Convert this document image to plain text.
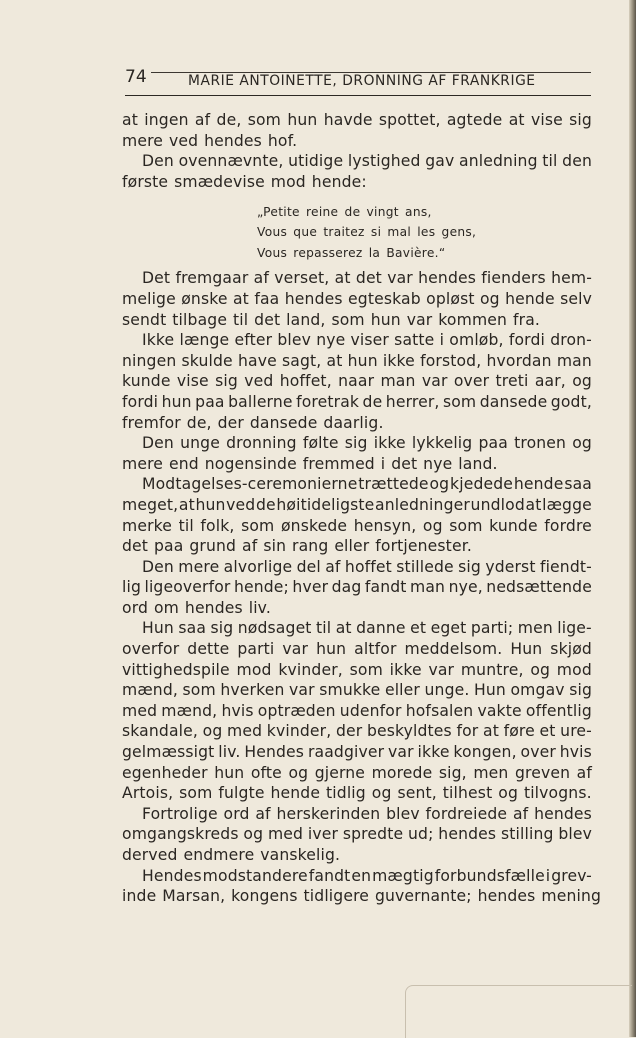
74	MARIE ANTOINETTE, DRONNING AF FRANKRIGE
at ingen af de, som hun havde spottet, agtede at vise sig
mere ved hendes hof.
Den ovennævnte, utidige lystighed gav anledning til den
første smædevise mod hende:
Det fremgaar af verset, at det var hendes fienders hem-
melige ønske at faa hendes egteskab opløst og hende selv
sendt tilbage til det land, som hun var kommen fra.
Ikke længe efter blev nye viser satte i omløb, fordi dron-
ningen skulde have sagt, at hun ikke forstod, hvordan man
kunde vise sig ved hoffet, naar man var over treti aar, og
fordi hun paa ballerne foretrak de herrer, som dansede godt,
fremfor de, der dansede daarlig.
Den unge dronning følte sig ikke lykkelig paa tronen og
mere end nogensinde fremmed i det nye land.
Modtagelses-ceremonierne trættede og kjedede hende saa
meget, at hun ved de høitideligste anledninger undlod at lægge
merke til folk, som ønskede hensyn, og som kunde fordre
det paa grund af sin rang eller fortjenester.
Den mere alvorlige del af hoffet stillede sig yderst fiendt-
lig ligeoverfor hende; hver dag fandt man nye, nedsættende
ord om hendes liv.
Hun saa sig nødsaget til at danne et eget parti; men lige-
overfor dette parti var hun altfor meddelsom. Hun skjød
vittighedspile mod kvinder, som ikke var muntre, og mod
mænd, som hverken var smukke eller unge. Hun omgav sig
med mænd, hvis optræden udenfor hofsalen vakte offentlig
skandale, og med kvinder, der beskyldtes for at føre et ure-
gelmæssigt liv. Hendes raadgiver var ikke kongen, over hvis
egenheder hun ofte og gjerne morede sig, men greven af
Artois, som fulgte hende tidlig og sent, tilhest og tilvogns.
Fortrolige ord af herskerinden blev fordreiede af hendes
omgangskreds og med iver spredte ud; hendes stilling blev
derved endmere vanskelig.
Hendes modstandere fandt en mægtig forbundsfælle i grev-
inde Marsan, kongens tidligere guvernante; hendes mening
„Petite reine de vingt ans,
Vous que traitez si mal les gens,
Vous repasserez la Bavière.“
